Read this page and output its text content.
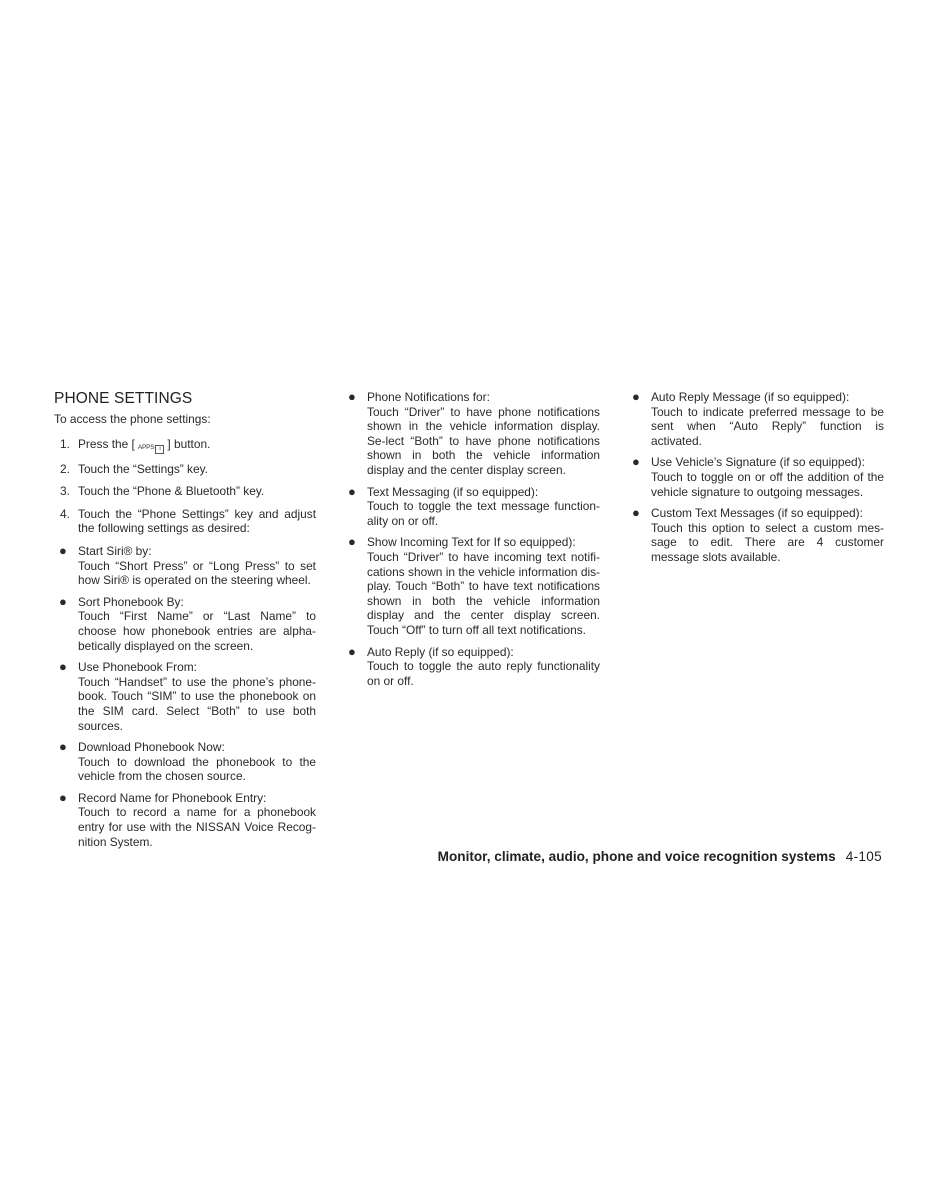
PHONE SETTINGS

To access the phone settings:

1. Press the [ APPS i ] button.
2. Touch the “Settings” key.
3. Touch the “Phone & Bluetooth” key.
4. Touch the “Phone Settings” key and adjust the following settings as desired:
● Start Siri® by:
Touch “Short Press” or “Long Press” to set how Siri® is operated on the steering wheel.
● Sort Phonebook By:
Touch “First Name” or “Last Name” to choose how phonebook entries are alpha-betically displayed on the screen.
● Use Phonebook From:
Touch “Handset” to use the phone’s phone-book. Touch “SIM” to use the phonebook on the SIM card. Select “Both” to use both sources.
● Download Phonebook Now:
Touch to download the phonebook to the vehicle from the chosen source.
● Record Name for Phonebook Entry:
Touch to record a name for a phonebook entry for use with the NISSAN Voice Recog-nition System.
● Phone Notifications for:
Touch “Driver” to have phone notifications shown in the vehicle information display. Se-lect “Both” to have phone notifications shown in both the vehicle information display and the center display screen.
● Text Messaging (if so equipped):
Touch to toggle the text message function-ality on or off.
● Show Incoming Text for If so equipped):
Touch “Driver” to have incoming text notifi-cations shown in the vehicle information dis-play. Touch “Both” to have text notifications shown in both the vehicle information display and the center display screen. Touch “Off” to turn off all text notifications.
● Auto Reply (if so equipped):
Touch to toggle the auto reply functionality on or off.
● Auto Reply Message (if so equipped):
Touch to indicate preferred message to be sent when “Auto Reply” function is activated.
● Use Vehicle’s Signature (if so equipped):
Touch to toggle on or off the addition of the vehicle signature to outgoing messages.
● Custom Text Messages (if so equipped):
Touch this option to select a custom mes-sage to edit. There are 4 customer message slots available.
Monitor, climate, audio, phone and voice recognition systems 4-105
